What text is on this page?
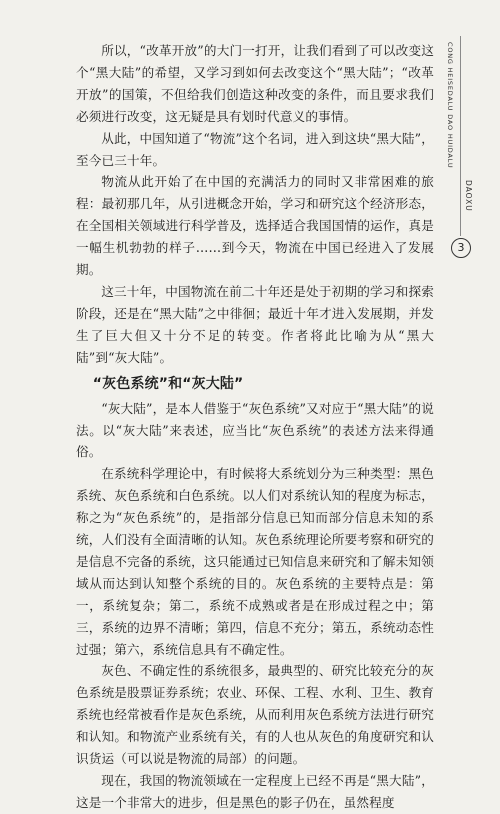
CONG HEISEDALU DAO HUIDALU
DAOXU
3

所以，“改革开放”的大门一打开，让我们看到了可以改变这个“黑大陆”的希望，又学习到如何去改变这个“黑大陆”；“改革开放”的国策，不但给我们创造这种改变的条件，而且要求我们必须进行改变，这无疑是具有划时代意义的事情。

从此，中国知道了“物流”这个名词，进入到这块“黑大陆”，至今已三十年。

物流从此开始了在中国的充满活力的同时又非常困难的旅程：最初那几年，从引进概念开始，学习和研究这个经济形态，在全国相关领域进行科学普及，选择适合我国国情的运作，真是一幅生机勃勃的样子……到今天，物流在中国已经进入了发展期。

这三十年，中国物流在前二十年还是处于初期的学习和探索阶段，还是在“黑大陆”之中徘徊；最近十年才进入发展期，并发生了巨大但又十分不足的转变。作者将此比喻为从“黑大陆”到“灰大陆”。

“灰色系统”和“灰大陆”

“灰大陆”，是本人借鉴于“灰色系统”又对应于“黑大陆”的说法。以“灰大陆”来表述，应当比“灰色系统”的表述方法来得通俗。

在系统科学理论中，有时候将大系统划分为三种类型：黑色系统、灰色系统和白色系统。以人们对系统认知的程度为标志，称之为“灰色系统”的，是指部分信息已知而部分信息未知的系统，人们没有全面清晰的认知。灰色系统理论所要考察和研究的是信息不完备的系统，这只能通过已知信息来研究和了解未知领域从而达到认知整个系统的目的。灰色系统的主要特点是：第一，系统复杂；第二，系统不成熟或者是在形成过程之中；第三，系统的边界不清晰；第四，信息不充分；第五，系统动态性过强；第六，系统信息具有不确定性。

灰色、不确定性的系统很多，最典型的、研究比较充分的灰色系统是股票证券系统；农业、环保、工程、水利、卫生、教育系统也经常被看作是灰色系统，从而利用灰色系统方法进行研究和认知。和物流产业系统有关，有的人也从灰色的角度研究和认识货运（可以说是物流的局部）的问题。

现在，我国的物流领域在一定程度上已经不再是“黑大陆”，这是一个非常大的进步，但是黑色的影子仍在，虽然程度
